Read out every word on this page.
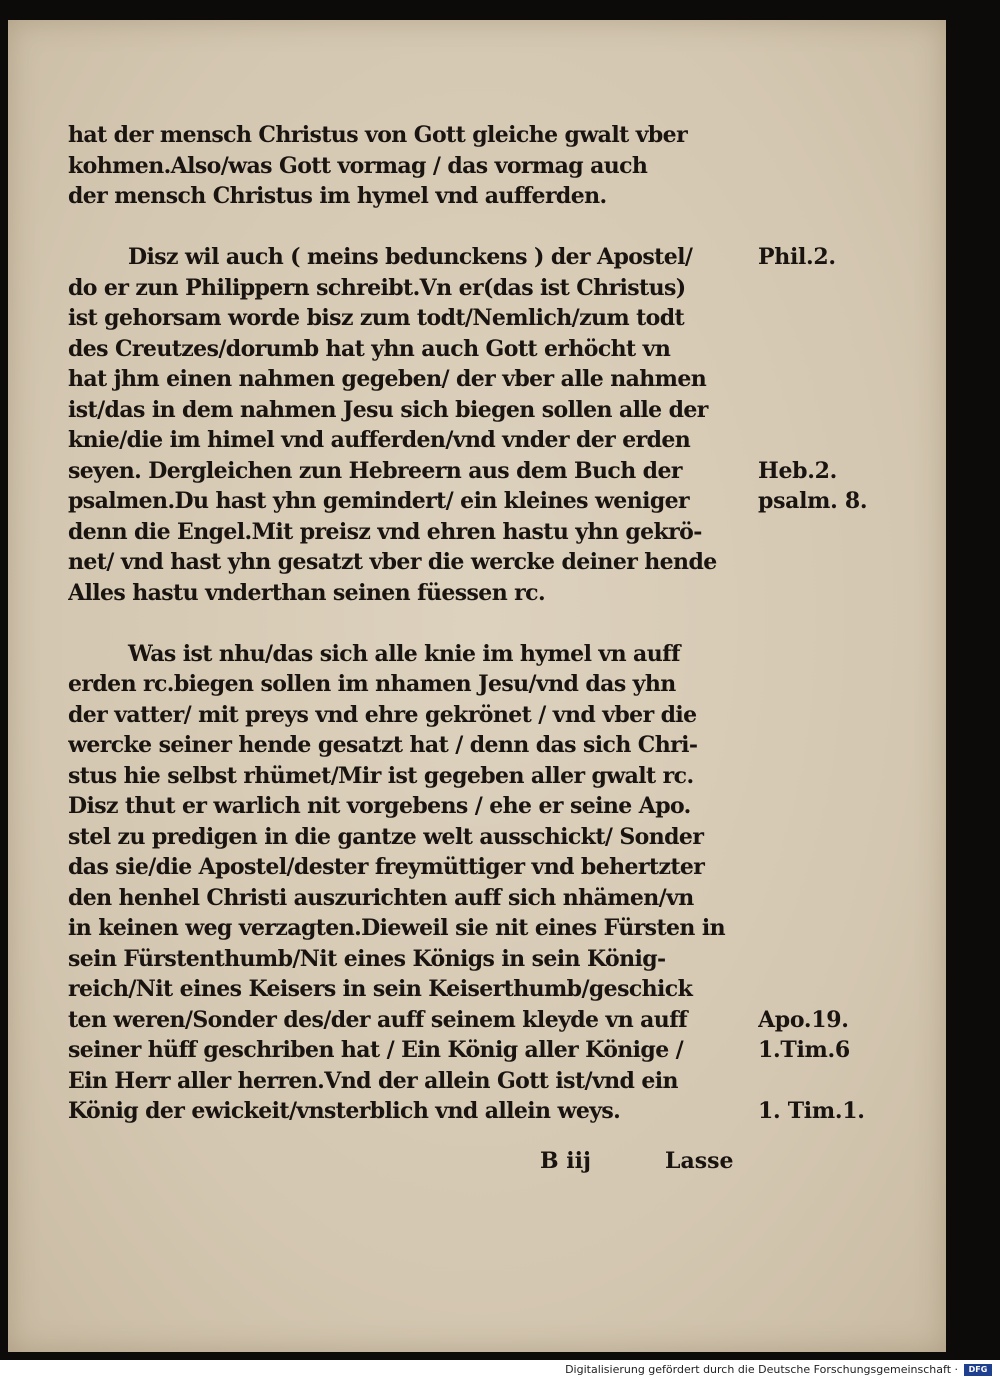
hat der mensch Christus von Gott gleiche gwalt vber
kohmen.Also/was Gott vormag / das vormag auch
der mensch Christus im hymel vnd aufferden.
Disz wil auch ( meins bedunckens ) der Apostel/	Phil.2.
do er zun Philippern schreibt.Vn er(das ist Christus)
ist gehorsam worde bisz zum todt/Nemlich/zum todt
des Creutzes/dorumb hat yhn auch Gott erhöcht vn
hat jhm einen nahmen gegeben/ der vber alle nahmen
ist/das in dem nahmen Jesu sich biegen sollen alle der
knie/die im himel vnd aufferden/vnd vnder der erden
seyen. Dergleichen zun Hebreern aus dem Buch der	Heb.2.
psalmen.Du hast yhn gemindert/ ein kleines weniger	psalm. 8.
denn die Engel.Mit preisz vnd ehren hastu yhn gekrö-
net/ vnd hast yhn gesatzt vber die wercke deiner hende
Alles hastu vnderthan seinen füessen rc.
Was ist nhu/das sich alle knie im hymel vn auff
erden rc.biegen sollen im nhamen Jesu/vnd das yhn
der vatter/ mit preys vnd ehre gekrönet / vnd vber die
wercke seiner hende gesatzt hat / denn das sich Chri-
stus hie selbst rhümet/Mir ist gegeben aller gwalt rc.
Disz thut er warlich nit vorgebens / ehe er seine Apo.
stel zu predigen in die gantze welt ausschickt/ Sonder
das sie/die Apostel/dester freymüttiger vnd behertzter
den henhel Christi auszurichten auff sich nhämen/vn
in keinen weg verzagten.Dieweil sie nit eines Fürsten in
sein Fürstenthumb/Nit eines Königs in sein König-
reich/Nit eines Keisers in sein Keiserthumb/geschick
ten weren/Sonder des/der auff seinem kleyde vn auff	Apo.19.
seiner hüff geschriben hat / Ein König aller Könige /	1.Tim.6
Ein Herr aller herren.Vnd der allein Gott ist/vnd ein
König der ewickeit/vnsterblich vnd allein weys.	1. Tim.1.
B iij	Lasse
Digitalisierung gefördert durch die Deutsche Forschungsgemeinschaft ·	DFG
